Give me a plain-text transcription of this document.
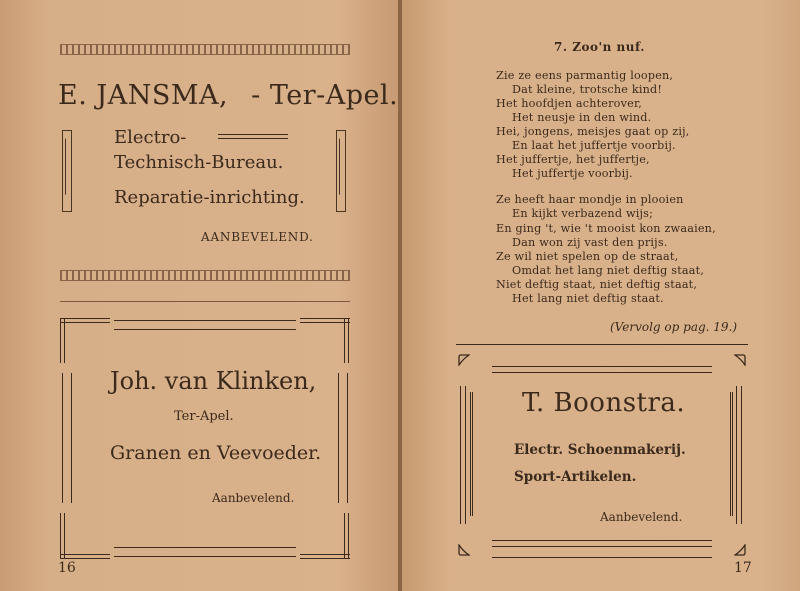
E. JANSMA, - Ter-Apel.
Electro-
Technisch-Bureau.
Reparatie-inrichting.
AANBEVELEND.
Joh. van Klinken,
Ter-Apel.
Granen en Veevoeder.
Aanbevelend.
16
7. Zoo'n nuf.
Zie ze eens parmantig loopen,
Dat kleine, trotsche kind!
Het hoofdjen achterover,
Het neusje in den wind.
Hei, jongens, meisjes gaat op zij,
En laat het juffertje voorbij.
Het juffertje, het juffertje,
Het juffertje voorbij.
Ze heeft haar mondje in plooien
En kijkt verbazend wijs;
En ging 't, wie 't mooist kon zwaaien,
Dan won zij vast den prijs.
Ze wil niet spelen op de straat,
Omdat het lang niet deftig staat,
Niet deftig staat, niet deftig staat,
Het lang niet deftig staat.
(Vervolg op pag. 19.)
T. Boonstra.
Electr. Schoenmakerij.
Sport-Artikelen.
Aanbevelend.
17
